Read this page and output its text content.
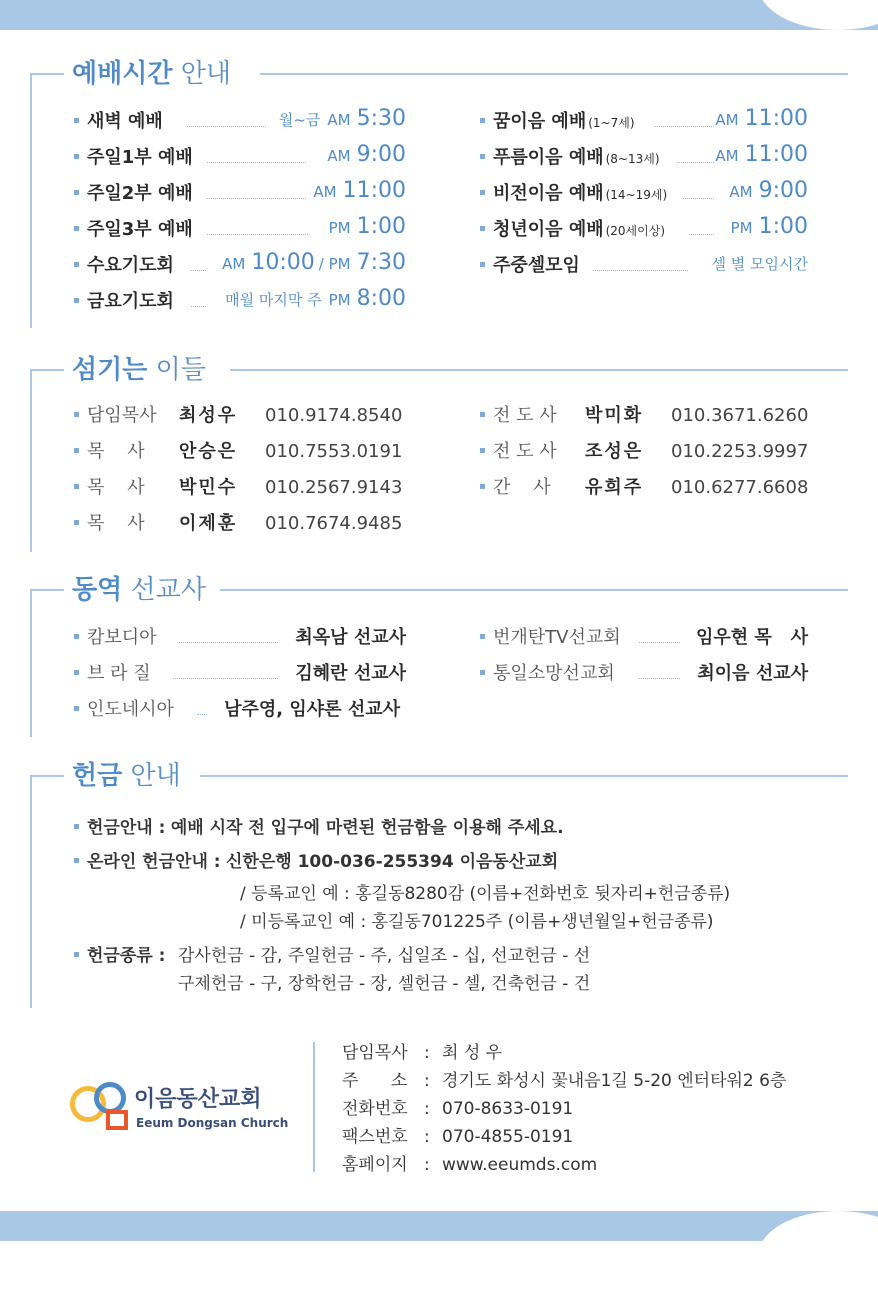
예배시간 안내
새벽 예배	월~금 AM 5:30
주일1부 예배	AM 9:00
주일2부 예배	AM 11:00
주일3부 예배	PM 1:00
수요기도회	AM 10:00 / PM 7:30
금요기도회	매월 마지막 주 PM 8:00
꿈이음 예배 (1~7세)	AM 11:00
푸름이음 예배 (8~13세)	AM 11:00
비전이음 예배 (14~19세)	AM 9:00
청년이음 예배 (20세이상)	PM 1:00
주중셀모임	셀 별 모임시간
섬기는 이들
담임목사 최성우 010.9174.8540
목    사 안승은 010.7553.0191
목    사 박민수 010.2567.9143
목    사 이제훈 010.7674.9485
전 도 사 박미화 010.3671.6260
전 도 사 조성은 010.2253.9997
간    사 유희주 010.6277.6608
동역 선교사
캄보디아	최옥남 선교사
브 라 질	김혜란 선교사
인도네시아	남주영, 임샤론 선교사
번개탄TV선교회	임우현 목   사
통일소망선교회	최이음 선교사
헌금 안내
헌금안내 : 예배 시작 전 입구에 마련된 헌금함을 이용해 주세요.
온라인 헌금안내 : 신한은행 100-036-255394 이음동산교회
/ 등록교인 예 : 홍길동8280감 (이름+전화번호 뒷자리+헌금종류)
/ 미등록교인 예 : 홍길동701225주 (이름+생년월일+헌금종류)
헌금종류 : 감사헌금 - 감, 주일헌금 - 주, 십일조 - 십, 선교헌금 - 선
구제헌금 - 구, 장학헌금 - 장, 셀헌금 - 셀, 건축헌금 - 건
이음동산교회
Eeum Dongsan Church
담임목사 : 최 성 우
주      소 : 경기도 화성시 꽃내음1길 5-20 엔터타워2 6층
전화번호 : 070-8633-0191
팩스번호 : 070-4855-0191
홈페이지 : www.eeumds.com
